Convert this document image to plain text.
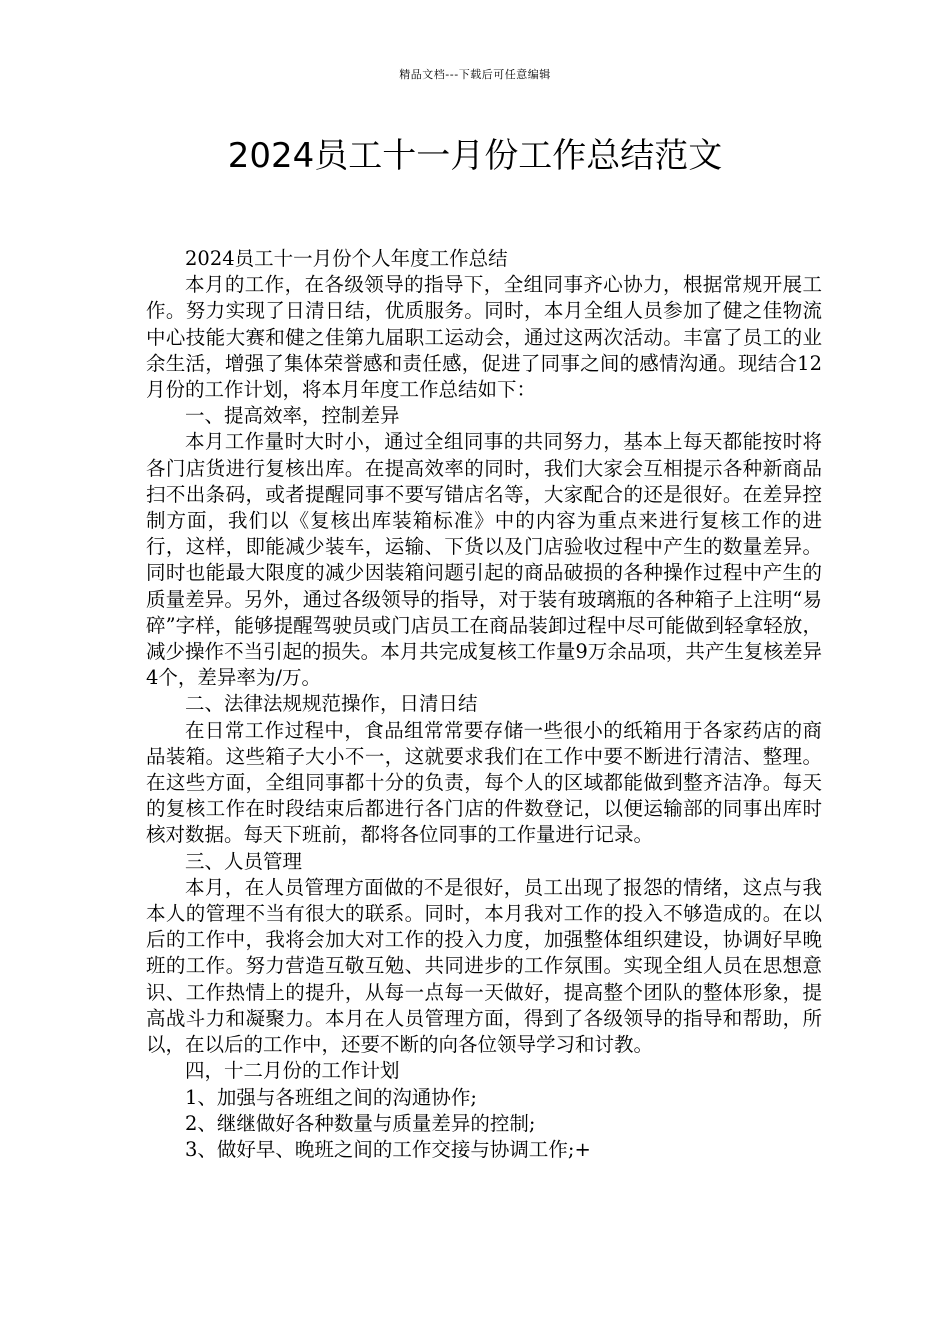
精品文档---下载后可任意编辑
2024员工十一月份工作总结范文

2024员工十一月份个人年度工作总结

本月的工作，在各级领导的指导下，全组同事齐心协力，根据常规开展工作。努力实现了日清日结，优质服务。同时，本月全组人员参加了健之佳物流中心技能大赛和健之佳第九届职工运动会，通过这两次活动。丰富了员工的业余生活，增强了集体荣誉感和责任感，促进了同事之间的感情沟通。现结合12月份的工作计划，将本月年度工作总结如下：

一、提高效率，控制差异

本月工作量时大时小，通过全组同事的共同努力，基本上每天都能按时将各门店货进行复核出库。在提高效率的同时，我们大家会互相提示各种新商品扫不出条码，或者提醒同事不要写错店名等，大家配合的还是很好。在差异控制方面，我们以《复核出库装箱标准》中的内容为重点来进行复核工作的进行，这样，即能减少装车，运输、下货以及门店验收过程中产生的数量差异。同时也能最大限度的减少因装箱问题引起的商品破损的各种操作过程中产生的质量差异。另外，通过各级领导的指导，对于装有玻璃瓶的各种箱子上注明“易碎”字样，能够提醒驾驶员或门店员工在商品装卸过程中尽可能做到轻拿轻放，减少操作不当引起的损失。本月共完成复核工作量9万余品项，共产生复核差异4个，差异率为/万。

二、法律法规规范操作，日清日结

在日常工作过程中，食品组常常要存储一些很小的纸箱用于各家药店的商品装箱。这些箱子大小不一，这就要求我们在工作中要不断进行清洁、整理。在这些方面，全组同事都十分的负责，每个人的区域都能做到整齐洁净。每天的复核工作在时段结束后都进行各门店的件数登记，以便运输部的同事出库时核对数据。每天下班前，都将各位同事的工作量进行记录。

三、人员管理

本月，在人员管理方面做的不是很好，员工出现了报怨的情绪，这点与我本人的管理不当有很大的联系。同时，本月我对工作的投入不够造成的。在以后的工作中，我将会加大对工作的投入力度，加强整体组织建设，协调好早晚班的工作。努力营造互敬互勉、共同进步的工作氛围。实现全组人员在思想意识、工作热情上的提升，从每一点每一天做好，提高整个团队的整体形象，提高战斗力和凝聚力。本月在人员管理方面，得到了各级领导的指导和帮助，所以，在以后的工作中，还要不断的向各位领导学习和讨教。

四，十二月份的工作计划

1、加强与各班组之间的沟通协作;

2、继继做好各种数量与质量差异的控制;

3、做好早、晚班之间的工作交接与协调工作;+
